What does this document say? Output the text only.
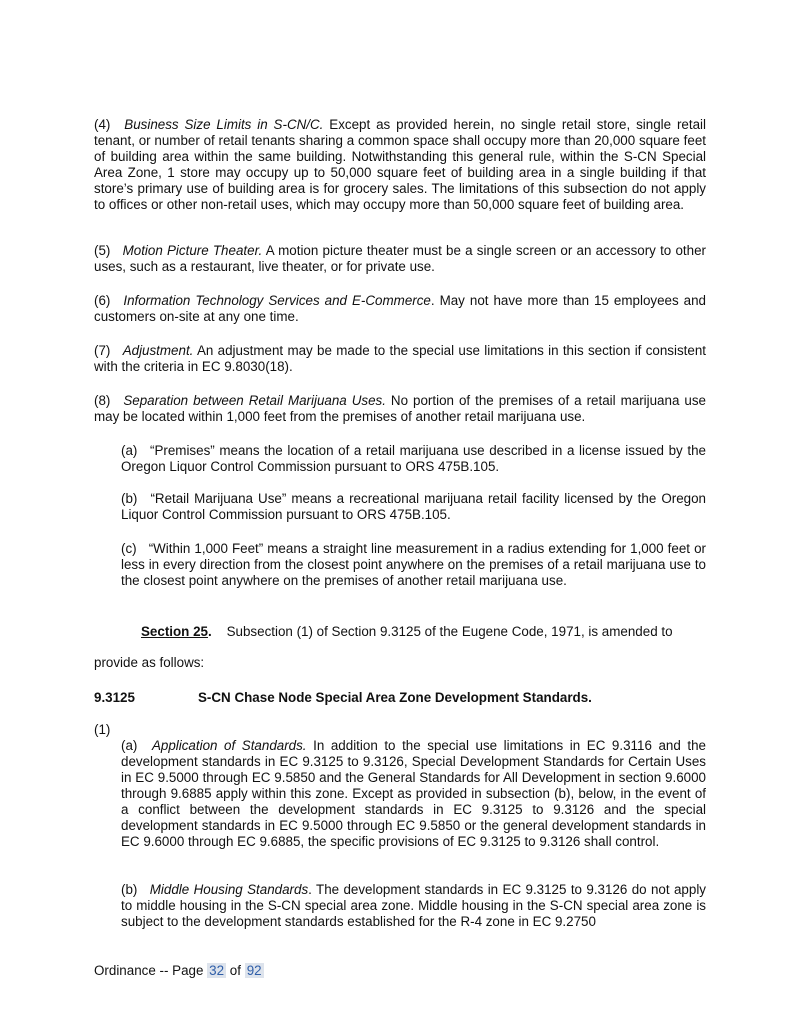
(4) Business Size Limits in S-CN/C. Except as provided herein, no single retail store, single retail tenant, or number of retail tenants sharing a common space shall occupy more than 20,000 square feet of building area within the same building. Notwithstanding this general rule, within the S-CN Special Area Zone, 1 store may occupy up to 50,000 square feet of building area in a single building if that store’s primary use of building area is for grocery sales. The limitations of this subsection do not apply to offices or other non-retail uses, which may occupy more than 50,000 square feet of building area.

(5) Motion Picture Theater. A motion picture theater must be a single screen or an accessory to other uses, such as a restaurant, live theater, or for private use.

(6) Information Technology Services and E-Commerce. May not have more than 15 employees and customers on-site at any one time.

(7) Adjustment. An adjustment may be made to the special use limitations in this section if consistent with the criteria in EC 9.8030(18).

(8) Separation between Retail Marijuana Uses. No portion of the premises of a retail marijuana use may be located within 1,000 feet from the premises of another retail marijuana use.

(a) “Premises” means the location of a retail marijuana use described in a license issued by the Oregon Liquor Control Commission pursuant to ORS 475B.105.

(b) “Retail Marijuana Use” means a recreational marijuana retail facility licensed by the Oregon Liquor Control Commission pursuant to ORS 475B.105.

(c) “Within 1,000 Feet” means a straight line measurement in a radius extending for 1,000 feet or less in every direction from the closest point anywhere on the premises of a retail marijuana use to the closest point anywhere on the premises of another retail marijuana use.

Section 25. Subsection (1) of Section 9.3125 of the Eugene Code, 1971, is amended to

provide as follows:

9.3125	S-CN Chase Node Special Area Zone Development Standards.

(1)

(a) Application of Standards. In addition to the special use limitations in EC 9.3116 and the development standards in EC 9.3125 to 9.3126, Special Development Standards for Certain Uses in EC 9.5000 through EC 9.5850 and the General Standards for All Development in section 9.6000 through 9.6885 apply within this zone. Except as provided in subsection (b), below, in the event of a conflict between the development standards in EC 9.3125 to 9.3126 and the special development standards in EC 9.5000 through EC 9.5850 or the general development standards in EC 9.6000 through EC 9.6885, the specific provisions of EC 9.3125 to 9.3126 shall control.

(b) Middle Housing Standards. The development standards in EC 9.3125 to 9.3126 do not apply to middle housing in the S-CN special area zone. Middle housing in the S-CN special area zone is subject to the development standards established for the R-4 zone in EC 9.2750

Ordinance -- Page 32 of 92
